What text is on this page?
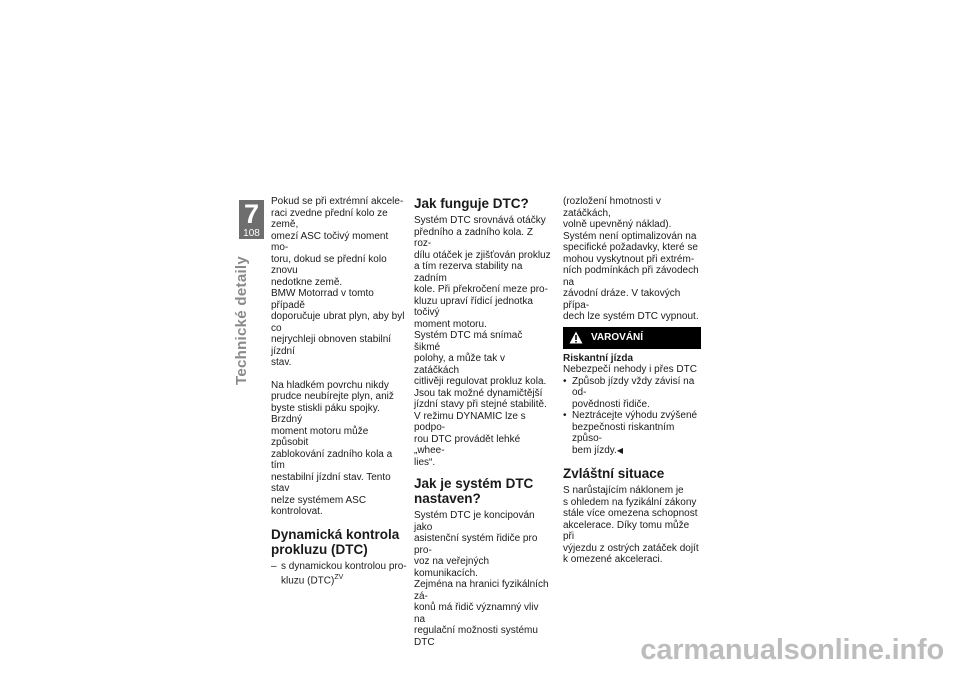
7
108
Technické detaily

Pokud se při extrémní akcele-
raci zvedne přední kolo ze země,
omezí ASC točivý moment mo-
toru, dokud se přední kolo znovu
nedotkne země.

BMW Motorrad v tomto případě
doporučuje ubrat plyn, aby byl co
nejrychleji obnoven stabilní jízdní
stav.

Na hladkém povrchu nikdy
prudce neubírejte plyn, aniž
byste stiskli páku spojky. Brzdný
moment motoru může způsobit
zablokování zadního kola a tím
nestabilní jízdní stav. Tento stav
nelze systémem ASC kontrolovat.

Dynamická kontrola
prokluzu (DTC)
– s dynamickou kontrolou pro-
kluzu (DTC)$^{ZV}$
Jak funguje DTC?

Systém DTC srovnává otáčky
předního a zadního kola. Z roz-
dílu otáček je zjišťován prokluz
a tím rezerva stability na zadním
kole. Při překročení meze pro-
kluzu upraví řídicí jednotka točivý
moment motoru.

Systém DTC má snímač šikmé
polohy, a může tak v zatáčkách
citlivěji regulovat prokluz kola.
Jsou tak možné dynamičtější
jízdní stavy při stejné stabilitě.
V režimu DYNAMIC lze s podpo-
rou DTC provádět lehké „whee-
lies“.

Jak je systém DTC
nastaven?

Systém DTC je koncipován jako
asistenční systém řidiče pro pro-
voz na veřejných komunikacích.
Zejména na hranici fyzikálních zá-
konů má řidič významný vliv na
regulační možnosti systému DTC

(rozložení hmotnosti v zatáčkách,
volně upevněný náklad).

Systém není optimalizován na
specifické požadavky, které se
mohou vyskytnout při extrém-
ních podmínkách při závodech na
závodní dráze. V takových přípa-
dech lze systém DTC vypnout.

VAROVÁNÍ

Riskantní jízda

Nebezpečí nehody i přes DTC

• Způsob jízdy vždy závisí na od-
povědnosti řidiče.
• Neztrácejte výhodu zvýšené
bezpečnosti riskantním způso-
bem jízdy.◀
Zvláštní situace

S narůstajícím náklonem je
s ohledem na fyzikální zákony
stále více omezena schopnost
akcelerace. Díky tomu může při
výjezdu z ostrých zatáček dojít
k omezené akceleraci.

carmanualsonline.info
